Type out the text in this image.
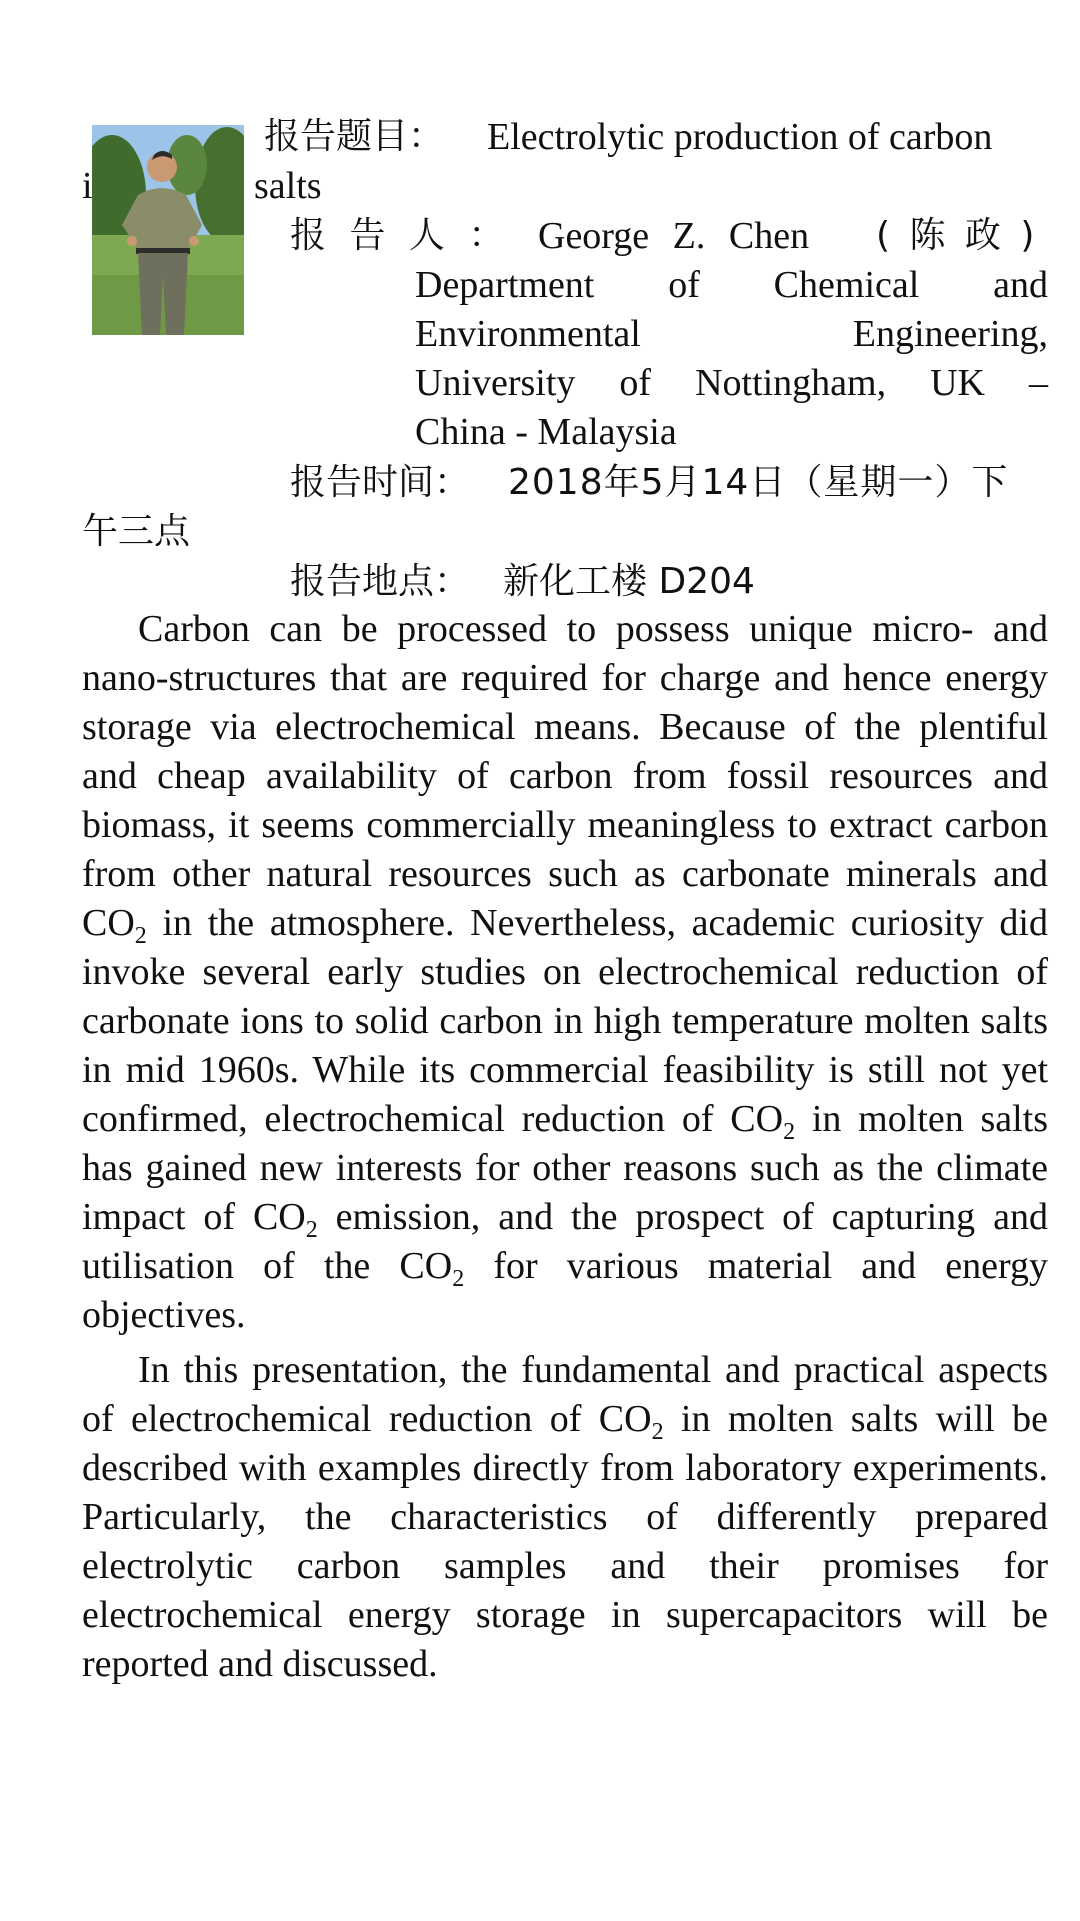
报告题目： Electrolytic production of carbon
i	salts
报 告 人 ： George Z. Chen ( 陈 政 )
Department of Chemical and
Environmental Engineering,
University of Nottingham, UK –
China - Malaysia
报告时间： 2018年5月14日（星期一）下
午三点
报告地点： 新化工楼 D204

Carbon can be processed to possess unique micro- and nano-structures that are required for charge and hence energy storage via electrochemical means. Because of the plentiful and cheap availability of carbon from fossil resources and biomass, it seems commercially meaningless to extract carbon from other natural resources such as carbonate minerals and $CO_2$ in the atmosphere. Nevertheless, academic curiosity did invoke several early studies on electrochemical reduction of carbonate ions to solid carbon in high temperature molten salts in mid 1960s. While its commercial feasibility is still not yet confirmed, electrochemical reduction of $CO_2$ in molten salts has gained new interests for other reasons such as the climate impact of $CO_2$ emission, and the prospect of capturing and utilisation of the $CO_2$ for various material and energy objectives.

In this presentation, the fundamental and practical aspects of electrochemical reduction of $CO_2$ in molten salts will be described with examples directly from laboratory experiments. Particularly, the characteristics of differently prepared electrolytic carbon samples and their promises for electrochemical energy storage in supercapacitors will be reported and discussed.
